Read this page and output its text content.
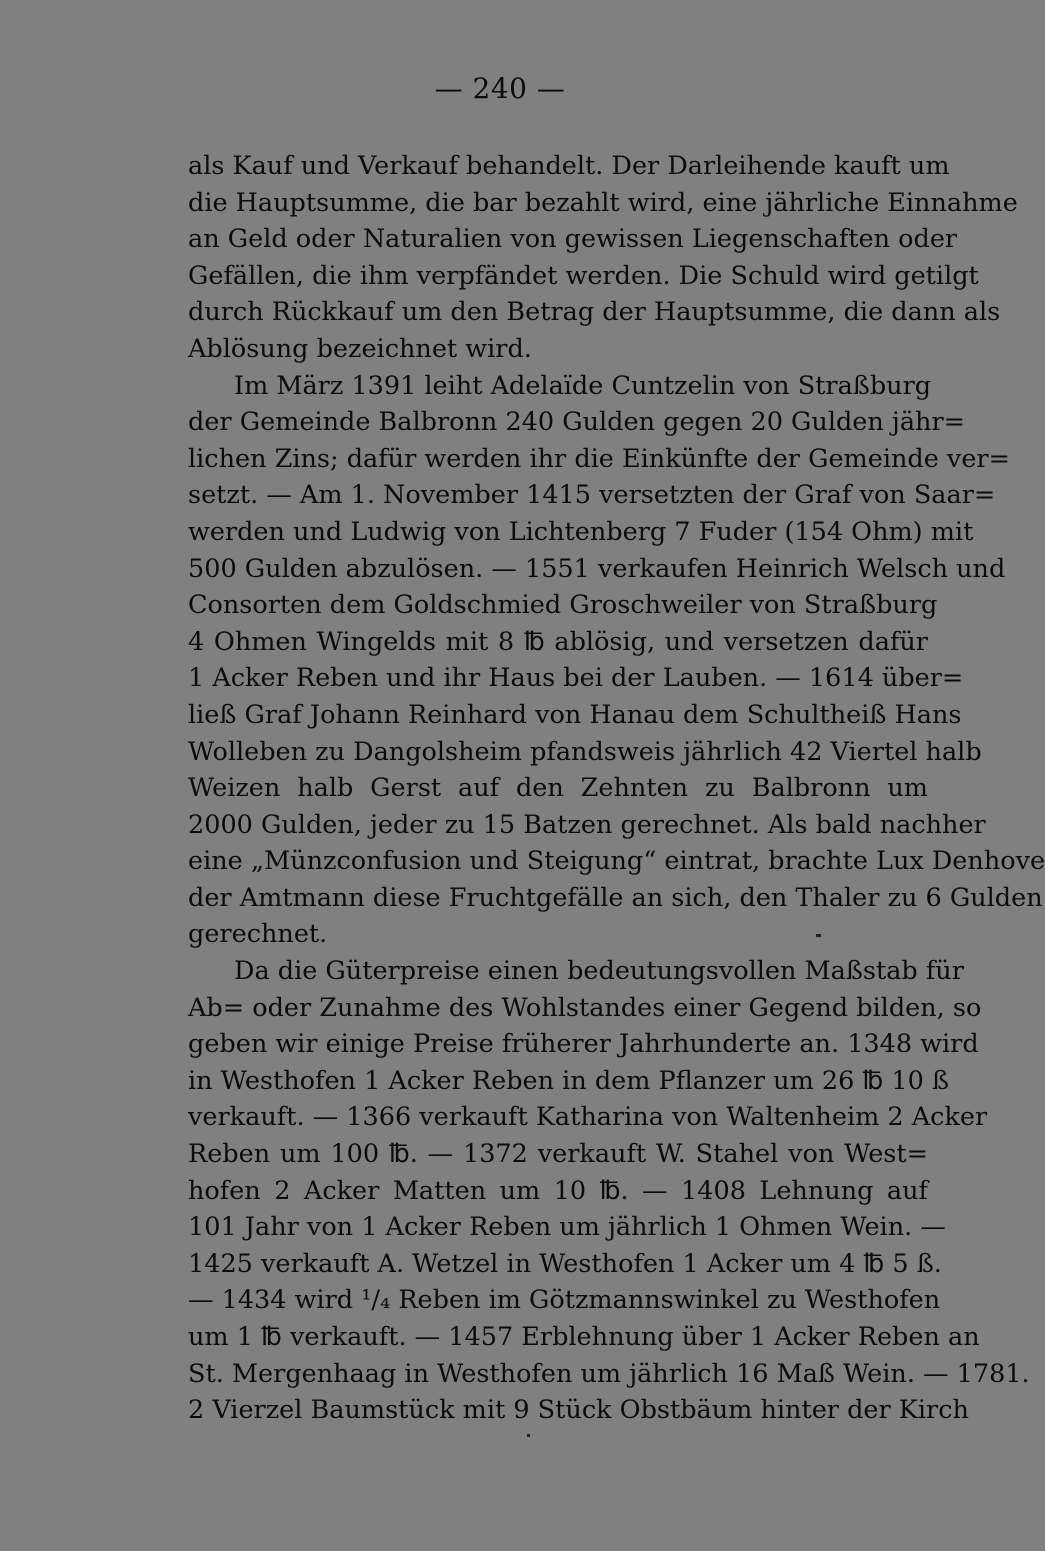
— 240 —
als Kauf und Verkauf behandelt. Der Darleihende kauft um
die Hauptsumme, die bar bezahlt wird, eine jährliche Einnahme
an Geld oder Naturalien von gewissen Liegenschaften oder
Gefällen, die ihm verpfändet werden. Die Schuld wird getilgt
durch Rückkauf um den Betrag der Hauptsumme, die dann als
Ablösung bezeichnet wird.
Im März 1391 leiht Adelaïde Cuntzelin von Straßburg
der Gemeinde Balbronn 240 Gulden gegen 20 Gulden jähr=
lichen Zins; dafür werden ihr die Einkünfte der Gemeinde ver=
setzt. — Am 1. November 1415 versetzten der Graf von Saar=
werden und Ludwig von Lichtenberg 7 Fuder (154 Ohm) mit
500 Gulden abzulösen. — 1551 verkaufen Heinrich Welsch und
Consorten dem Goldschmied Groschweiler von Straßburg
4 Ohmen Wingelds mit 8 ℔ ablösig, und versetzen dafür
1 Acker Reben und ihr Haus bei der Lauben. — 1614 über=
ließ Graf Johann Reinhard von Hanau dem Schultheiß Hans
Wolleben zu Dangolsheim pfandsweis jährlich 42 Viertel halb
Weizen halb Gerst auf den Zehnten zu Balbronn um
2000 Gulden, jeder zu 15 Batzen gerechnet. Als bald nachher
eine „Münzconfusion und Steigung“ eintrat, brachte Lux Denhove
der Amtmann diese Fruchtgefälle an sich, den Thaler zu 6 Gulden
gerechnet.
Da die Güterpreise einen bedeutungsvollen Maßstab für
Ab= oder Zunahme des Wohlstandes einer Gegend bilden, so
geben wir einige Preise früherer Jahrhunderte an. 1348 wird
in Westhofen 1 Acker Reben in dem Pflanzer um 26 ℔ 10 ß
verkauft. — 1366 verkauft Katharina von Waltenheim 2 Acker
Reben um 100 ℔. — 1372 verkauft W. Stahel von West=
hofen 2 Acker Matten um 10 ℔. — 1408 Lehnung auf
101 Jahr von 1 Acker Reben um jährlich 1 Ohmen Wein. —
1425 verkauft A. Wetzel in Westhofen 1 Acker um 4 ℔ 5 ß.
— 1434 wird ¹/₄ Reben im Götzmannswinkel zu Westhofen
um 1 ℔ verkauft. — 1457 Erblehnung über 1 Acker Reben an
St. Mergenhaag in Westhofen um jährlich 16 Maß Wein. — 1781.
2 Vierzel Baumstück mit 9 Stück Obstbäum hinter der Kirch
